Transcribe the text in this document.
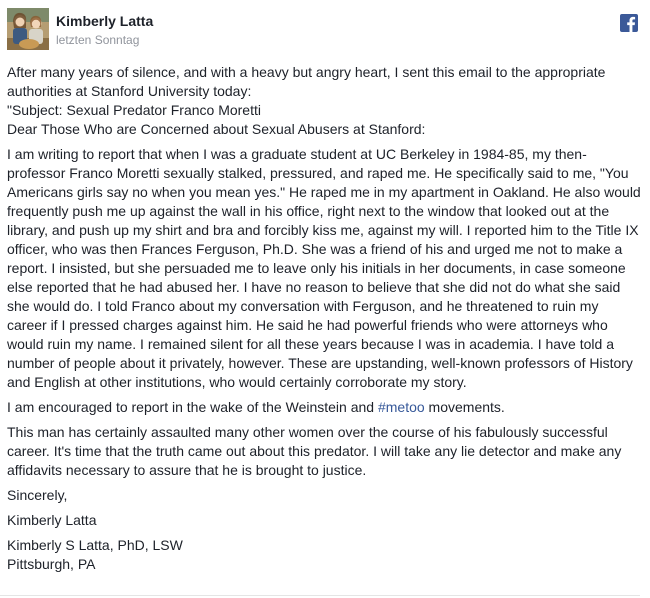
Kimberly Latta
letzten Sonntag

After many years of silence, and with a heavy but angry heart, I sent this email to the appropriate
authorities at Stanford University today:
"Subject: Sexual Predator Franco Moretti
Dear Those Who are Concerned about Sexual Abusers at Stanford:

I am writing to report that when I was a graduate student at UC Berkeley in 1984-85, my then-
professor Franco Moretti sexually stalked, pressured, and raped me. He specifically said to me, "You
Americans girls say no when you mean yes." He raped me in my apartment in Oakland. He also would
frequently push me up against the wall in his office, right next to the window that looked out at the
library, and push up my shirt and bra and forcibly kiss me, against my will. I reported him to the Title IX
officer, who was then Frances Ferguson, Ph.D. She was a friend of his and urged me not to make a
report. I insisted, but she persuaded me to leave only his initials in her documents, in case someone
else reported that he had abused her. I have no reason to believe that she did not do what she said
she would do. I told Franco about my conversation with Ferguson, and he threatened to ruin my
career if I pressed charges against him. He said he had powerful friends who were attorneys who
would ruin my name. I remained silent for all these years because I was in academia. I have told a
number of people about it privately, however. These are upstanding, well-known professors of History
and English at other institutions, who would certainly corroborate my story.

I am encouraged to report in the wake of the Weinstein and #metoo movements.

This man has certainly assaulted many other women over the course of his fabulously successful
career. It's time that the truth came out about this predator. I will take any lie detector and make any
affidavits necessary to assure that he is brought to justice.

Sincerely,

Kimberly Latta

Kimberly S Latta, PhD, LSW
Pittsburgh, PA
